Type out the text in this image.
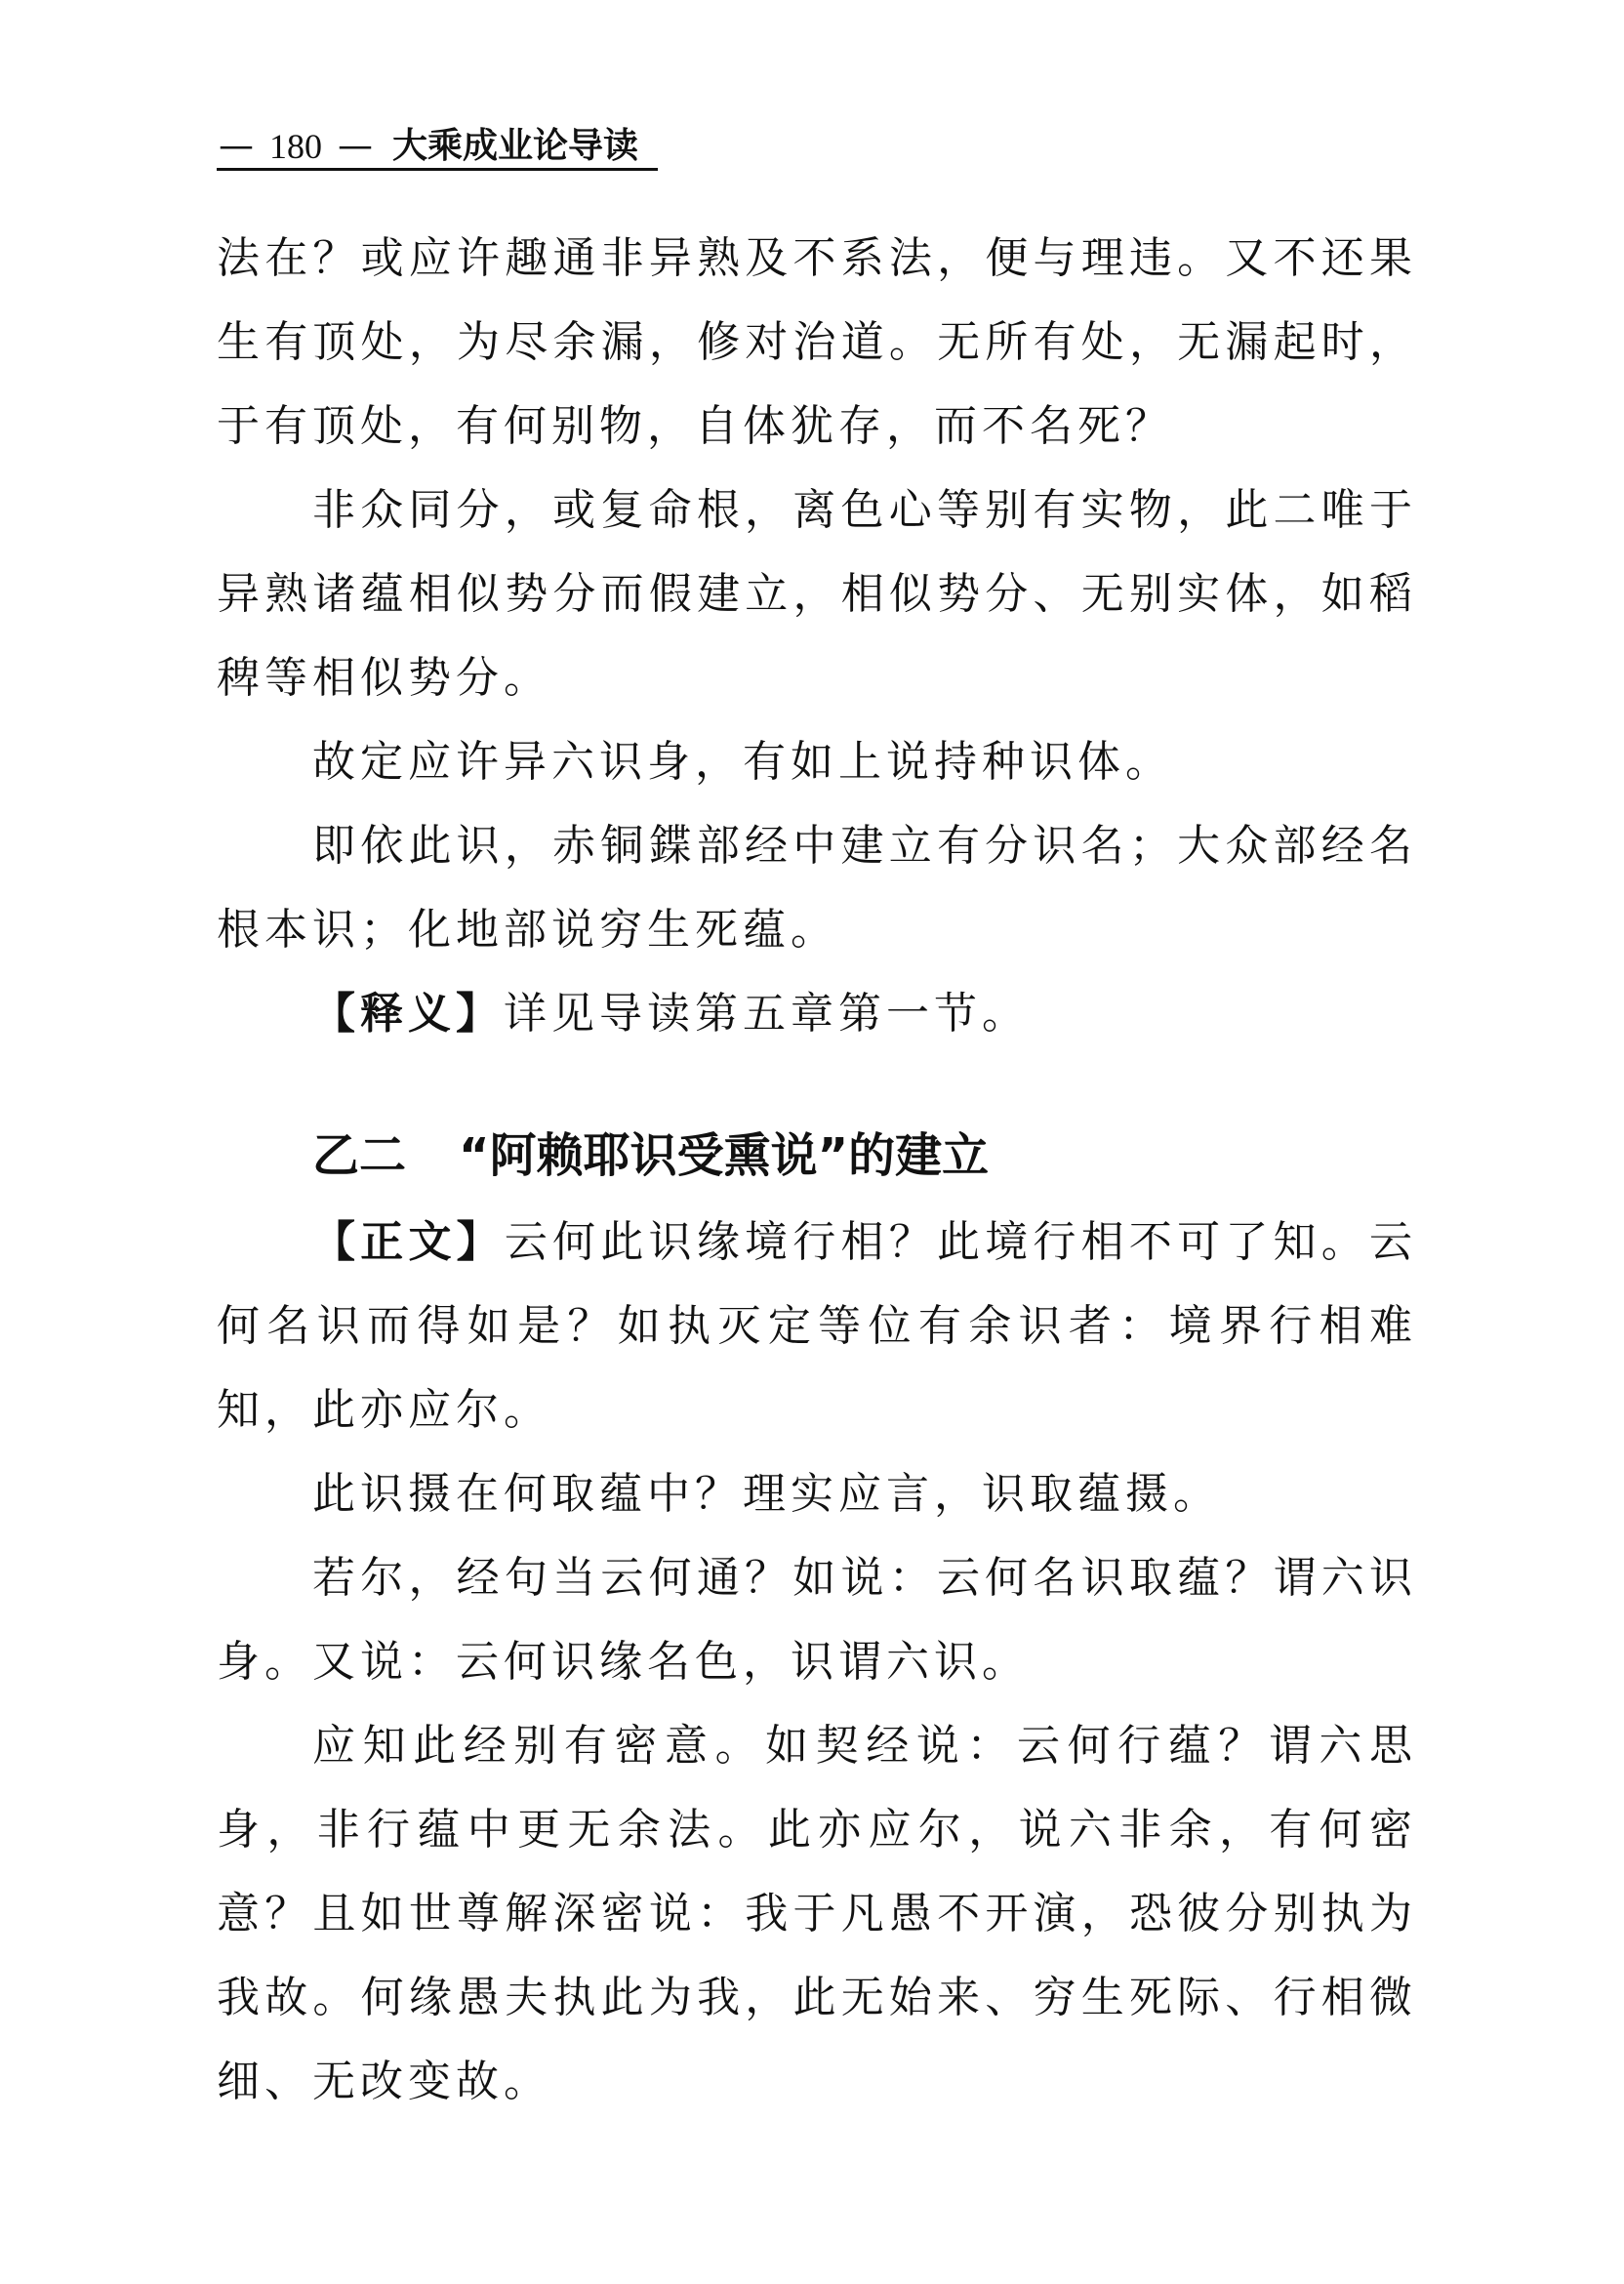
— 180 — 大乘成业论导读

法在？或应许趣通非异熟及不系法，便与理违。又不还果生有顶处，为尽余漏，修对治道。无所有处，无漏起时，于有顶处，有何别物，自体犹存，而不名死？

非众同分，或复命根，离色心等别有实物，此二唯于异熟诸蕴相似势分而假建立，相似势分、无别实体，如稻稗等相似势分。

故定应许异六识身，有如上说持种识体。

即依此识，赤铜鍱部经中建立有分识名；大众部经名根本识；化地部说穷生死蕴。

【释义】详见导读第五章第一节。

乙二 “阿赖耶识受熏说”的建立

【正文】云何此识缘境行相？此境行相不可了知。云何名识而得如是？如执灭定等位有余识者：境界行相难知，此亦应尔。

此识摄在何取蕴中？理实应言，识取蕴摄。

若尔，经句当云何通？如说：云何名识取蕴？谓六识身。又说：云何识缘名色，识谓六识。

应知此经别有密意。如契经说：云何行蕴？谓六思身，非行蕴中更无余法。此亦应尔，说六非余，有何密意？且如世尊解深密说：我于凡愚不开演，恐彼分别执为我故。何缘愚夫执此为我，此无始来、穷生死际、行相微细、无改变故。
